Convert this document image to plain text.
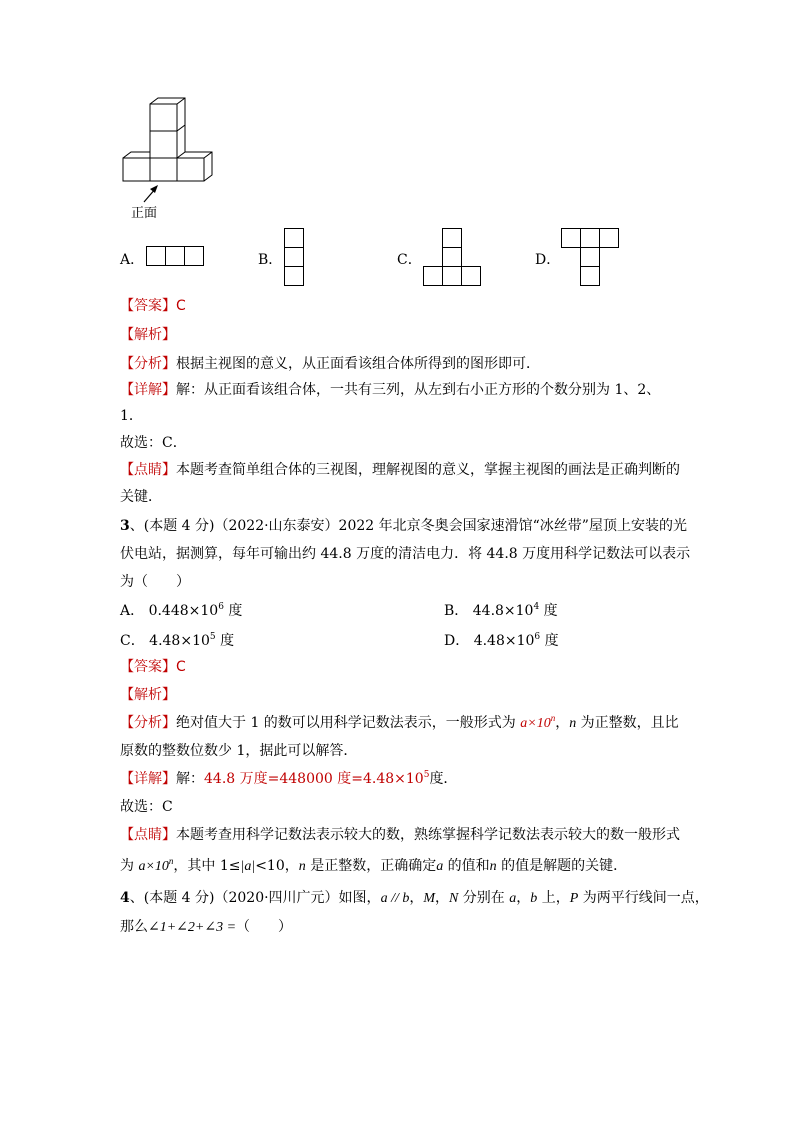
正面
A．	B．	C．	D．
【答案】C
【解析】
【分析】根据主视图的意义，从正面看该组合体所得到的图形即可．
【详解】解：从正面看该组合体，一共有三列，从左到右小正方形的个数分别为 1、2、
1．
故选：C．
【点睛】本题考查简单组合体的三视图，理解视图的意义，掌握主视图的画法是正确判断的
关键．
3、(本题 4 分)（2022·山东泰安）2022 年北京冬奥会国家速滑馆“冰丝带”屋顶上安装的光
伏电站，据测算，每年可输出约 44.8 万度的清洁电力．将 44.8 万度用科学记数法可以表示
为（　　）
A． $0.448\times 10^6$ 度	B． $44.8\times 10^4$ 度
C． $4.48\times 10^5$ 度	D． $4.48\times 10^6$ 度
【答案】C
【解析】
【分析】绝对值大于 1 的数可以用科学记数法表示，一般形式为 $a\times 10^n$，n 为正整数，且比
原数的整数位数少 1，据此可以解答．
【详解】解：44.8 万度=448000 度$=4.48\times 10^5$度．
故选：C
【点睛】本题考查用科学记数法表示较大的数，熟练掌握科学记数法表示较大的数一般形式
为 $a\times 10^n$，其中 1≤|a|<10，n 是正整数，正确确定a 的值和n 的值是解题的关键．
4、(本题 4 分)（2020·四川广元）如图，a // b，M，N 分别在 a，b 上，P 为两平行线间一点，
那么∠1+∠2+∠3 =（　　）
